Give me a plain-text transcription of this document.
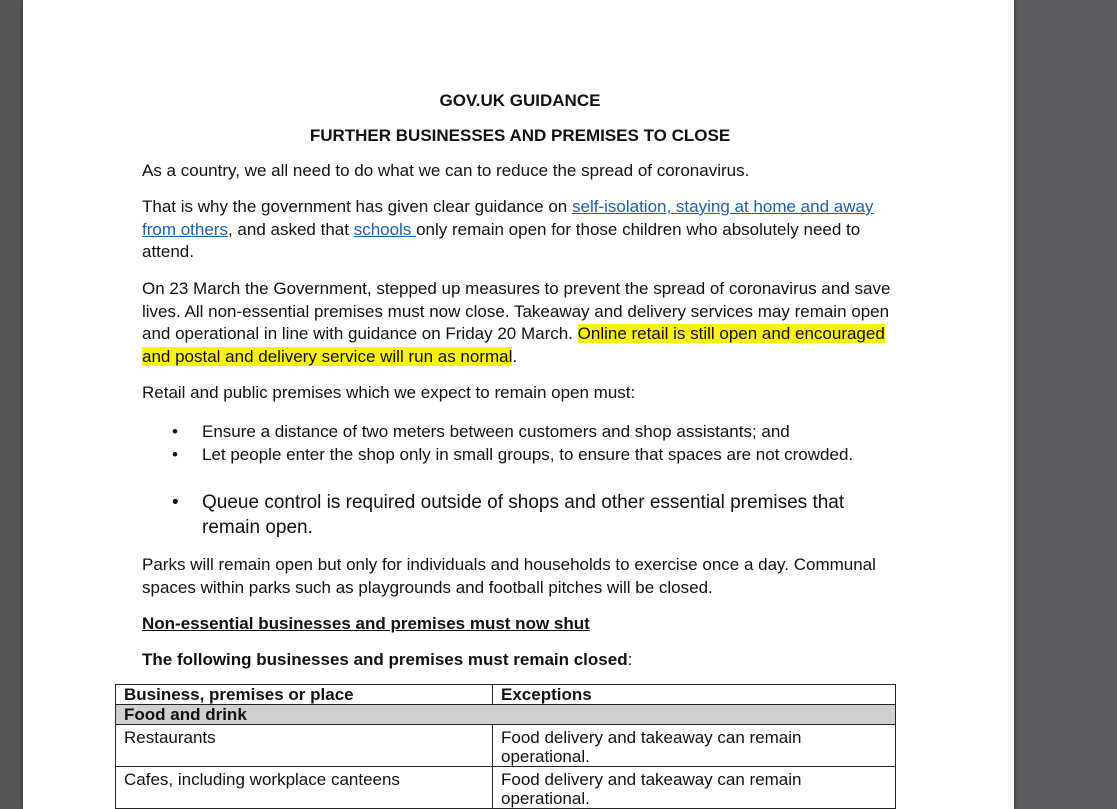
GOV.UK GUIDANCE
FURTHER BUSINESSES AND PREMISES TO CLOSE
As a country, we all need to do what we can to reduce the spread of coronavirus.
That is why the government has given clear guidance on self-isolation, staying at home and away from others, and asked that schools only remain open for those children who absolutely need to attend.
On 23 March the Government, stepped up measures to prevent the spread of coronavirus and save lives. All non-essential premises must now close. Takeaway and delivery services may remain open and operational in line with guidance on Friday 20 March. Online retail is still open and encouraged and postal and delivery service will run as normal.
Retail and public premises which we expect to remain open must:
• Ensure a distance of two meters between customers and shop assistants; and
• Let people enter the shop only in small groups, to ensure that spaces are not crowded.
• Queue control is required outside of shops and other essential premises that remain open.
Parks will remain open but only for individuals and households to exercise once a day. Communal spaces within parks such as playgrounds and football pitches will be closed.
Non-essential businesses and premises must now shut
The following businesses and premises must remain closed:
Business, premises or place	Exceptions
Food and drink	
Restaurants	Food delivery and takeaway can remain operational.
Cafes, including workplace canteens	Food delivery and takeaway can remain operational.
